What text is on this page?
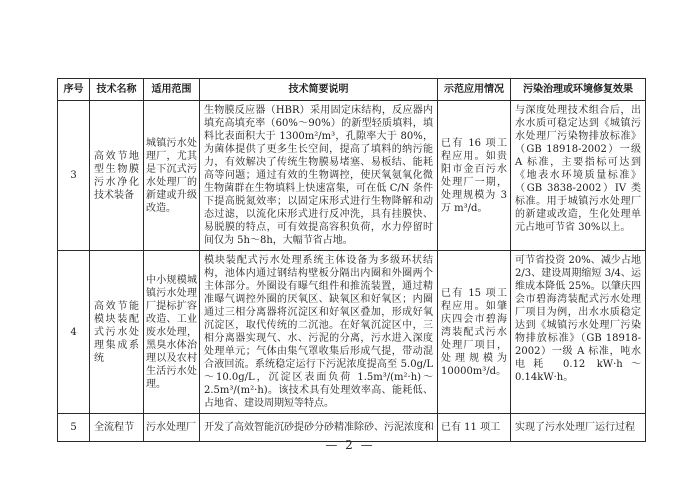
序号	技术名称	适用范围	技术简要说明	示范应用情况	污染治理或环境修复效果
3	高效节地型生物膜污水净化技术装备	城镇污水处理厂，尤其是下沉式污水处理厂的新建或升级改造。	生物膜反应器（HBR）采用固定床结构，反应器内填充高填充率（60%～90%）的新型轻质填料，填料比表面积大于 1300m²/m³，孔隙率大于 80%，为菌体提供了更多生长空间，提高了填料的纳污能力，有效解决了传统生物膜易堵塞、易板结、能耗高等问题；通过有效的生物调控，使厌氧氨氧化微生物菌群在生物填料上快速富集，可在低 C/N 条件下提高脱氮效率；以固定床形式进行生物降解和动态过滤，以流化床形式进行反冲洗，具有挂膜快、易脱膜的特点，可有效提高容积负荷，水力停留时间仅为 5h～8h，大幅节省占地。	已有 16 项工程应用。如贵阳市金百污水处理厂一期，处理规模为 3 万 m³/d。	与深度处理技术组合后，出水水质可稳定达到《城镇污水处理厂污染物排放标准》（GB 18918-2002）一级 A 标准，主要指标可达到《地表水环境质量标准》（GB 3838-2002）IV 类标准。用于城镇污水处理厂的新建或改造，生化处理单元占地可节省 30%以上。
4	高效节能模块装配式污水处理集成系统	中小规模城镇污水处理厂提标扩容改造、工业废水处理，黑臭水体治理以及农村生活污水处理。	模块装配式污水处理系统主体设备为多级环状结构，池体内通过钢结构壁板分隔出内圈和外圈两个主体部分。外圈设有曝气组件和推流装置，通过精准曝气调控外圈的厌氧区、缺氧区和好氧区；内圈通过三相分离器将沉淀区和好氧区叠加，形成好氧沉淀区，取代传统的二沉池。在好氧沉淀区中，三相分离器实现气、水、污泥的分离，污水进入深度处理单元；气体由集气罩收集后形成气提，带动混合液回流。系统稳定运行下污泥浓度提高至 5.0g/L～10.0g/L，沉淀区表面负荷 1.5m³/(m²·h)～2.5m³/(m²·h)。该技术具有处理效率高、能耗低、占地省、建设周期短等特点。	已有 15 项工程应用。如肇庆四会市碧海湾装配式污水处理厂项目，处理规模为 10000m³/d。	可节省投资 20%、减少占地 2/3、建设周期缩短 3/4、运维成本降低 25%。以肇庆四会市碧海湾装配式污水处理厂项目为例，出水水质稳定达到《城镇污水处理厂污染物排放标准》（GB 18918-2002）一级 A 标准，吨水电耗 0.12 kW·h～0.14kW·h。
5	全流程节	污水处理厂	开发了高效智能沉砂提砂分砂精准除砂、污泥浓度和	已有 11 项工	实现了污水处理厂运行过程
— 2 —
